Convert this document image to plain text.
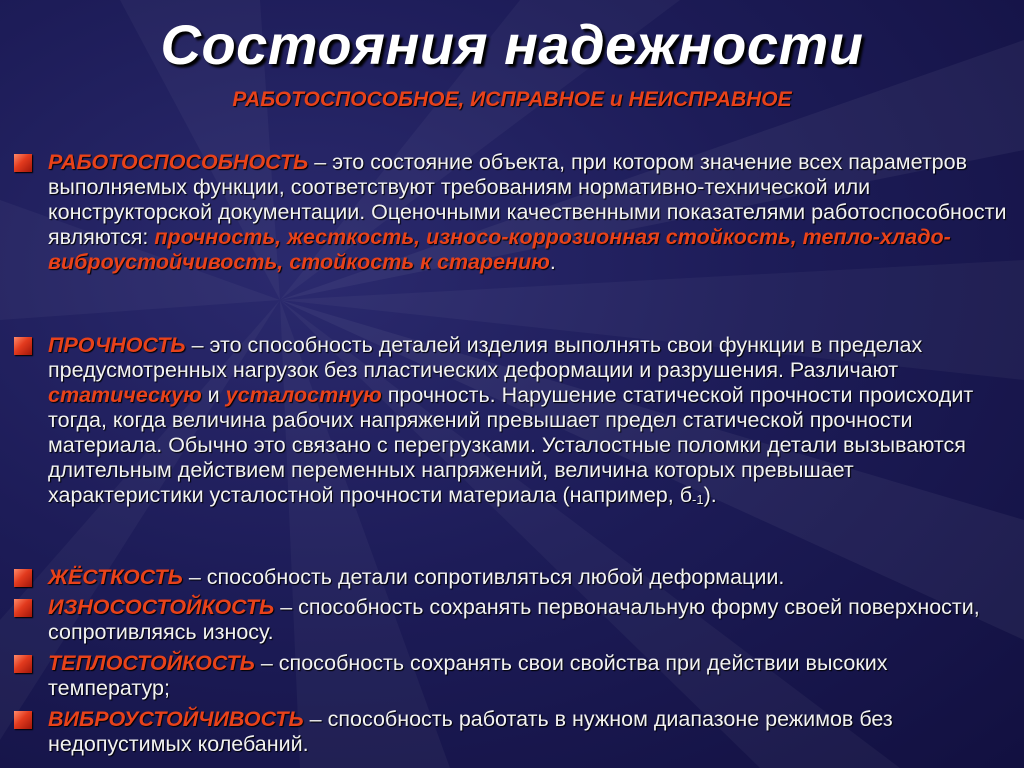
Состояния надежности
РАБОТОСПОСОБНОЕ, ИСПРАВНОЕ и НЕИСПРАВНОЕ
РАБОТОСПОСОБНОСТЬ – это состояние объекта, при котором значение всех параметров выполняемых функции, соответствуют требованиям нормативно-технической или конструкторской документации. Оценочными качественными показателями работоспособности являются: прочность, жесткость, износо-коррозионная стойкость, тепло-хладо-виброустойчивость, стойкость к старению.
ПРОЧНОСТЬ – это способность деталей изделия выполнять свои функции в пределах предусмотренных нагрузок без пластических деформации и разрушения. Различают статическую и усталостную прочность. Нарушение статической прочности происходит тогда, когда величина рабочих напряжений превышает предел статической прочности материала. Обычно это связано с перегрузками. Усталостные поломки детали вызываются длительным действием переменных напряжений, величина которых превышает характеристики усталостной прочности материала (например, $б_{-1}$).
ЖЁСТКОСТЬ – способность детали сопротивляться любой деформации.
ИЗНОСОСТОЙКОСТЬ – способность сохранять первоначальную форму своей поверхности, сопротивляясь износу.
ТЕПЛОСТОЙКОСТЬ – способность сохранять свои свойства при действии высоких температур;
ВИБРОУСТОЙЧИВОСТЬ – способность работать в нужном диапазоне режимов без недопустимых колебаний.
